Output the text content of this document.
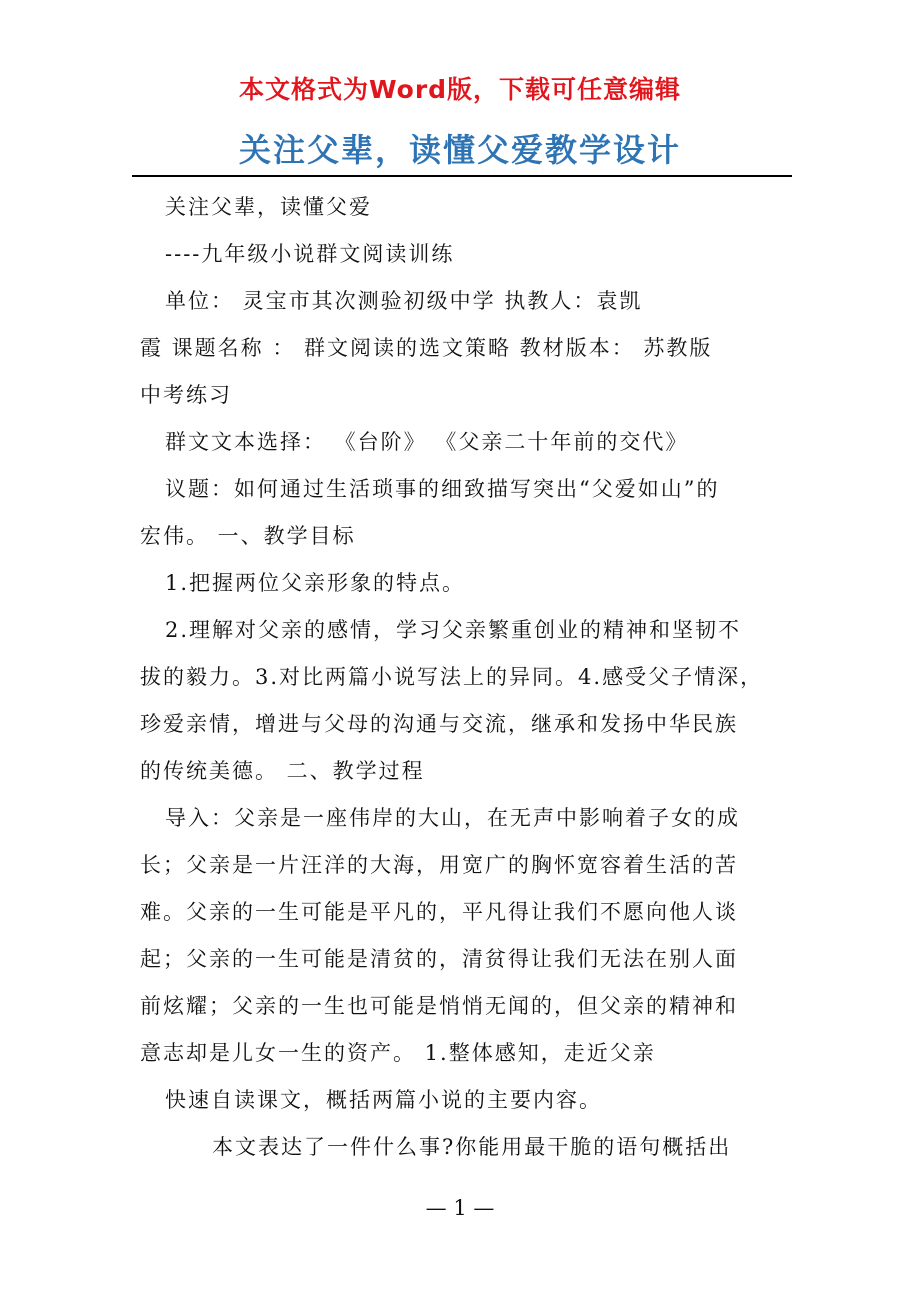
本文格式为Word版，下载可任意编辑
关注父辈，读懂父爱教学设计
关注父辈，读懂父爱
----九年级小说群文阅读训练
单位： 灵宝市其次测验初级中学 执教人：袁凯
霞 课题名称 ： 群文阅读的选文策略 教材版本： 苏教版
中考练习
群文文本选择： 《台阶》 《父亲二十年前的交代》
议题：如何通过生活琐事的细致描写突出“父爱如山”的
宏伟。 一、教学目标
1.把握两位父亲形象的特点。
2.理解对父亲的感情，学习父亲繁重创业的精神和坚韧不
拔的毅力。3.对比两篇小说写法上的异同。4.感受父子情深，
珍爱亲情，增进与父母的沟通与交流，继承和发扬中华民族
的传统美德。 二、教学过程
导入：父亲是一座伟岸的大山，在无声中影响着子女的成
长；父亲是一片汪洋的大海，用宽广的胸怀宽容着生活的苦
难。父亲的一生可能是平凡的，平凡得让我们不愿向他人谈
起；父亲的一生可能是清贫的，清贫得让我们无法在别人面
前炫耀；父亲的一生也可能是悄悄无闻的，但父亲的精神和
意志却是儿女一生的资产。 1.整体感知，走近父亲
快速自读课文，概括两篇小说的主要内容。
本文表达了一件什么事?你能用最干脆的语句概括出
— 1 —
